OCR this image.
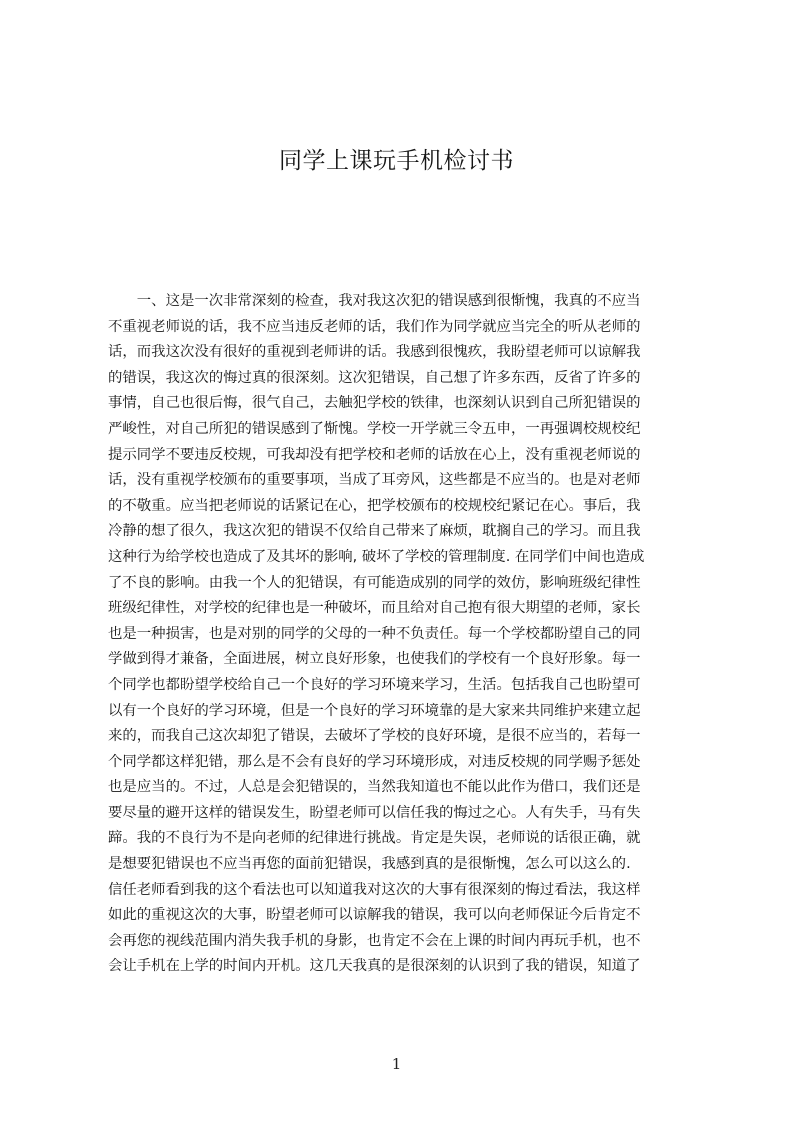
同学上课玩手机检讨书
　　一、这是一次非常深刻的检查，我对我这次犯的错误感到很惭愧，我真的不应当
不重视老师说的话，我不应当违反老师的话，我们作为同学就应当完全的听从老师的
话，而我这次没有很好的重视到老师讲的话。我感到很愧疚，我盼望老师可以谅解我
的错误，我这次的悔过真的很深刻。这次犯错误，自己想了许多东西，反省了许多的
事情，自己也很后悔，很气自己，去触犯学校的铁律，也深刻认识到自己所犯错误的
严峻性，对自己所犯的错误感到了惭愧。学校一开学就三令五申，一再强调校规校纪
提示同学不要违反校规，可我却没有把学校和老师的话放在心上，没有重视老师说的
话，没有重视学校颁布的重要事项，当成了耳旁风，这些都是不应当的。也是对老师
的不敬重。应当把老师说的话紧记在心，把学校颁布的校规校纪紧记在心。事后，我
冷静的想了很久，我这次犯的错误不仅给自己带来了麻烦，耽搁自己的学习。而且我
这种行为给学校也造成了及其坏的影响, 破坏了学校的管理制度. 在同学们中间也造成
了不良的影响。由我一个人的犯错误，有可能造成别的同学的效仿，影响班级纪律性
班级纪律性，对学校的纪律也是一种破坏，而且给对自己抱有很大期望的老师，家长
也是一种损害，也是对别的同学的父母的一种不负责任。每一个学校都盼望自己的同
学做到得才兼备，全面进展，树立良好形象，也使我们的学校有一个良好形象。每一
个同学也都盼望学校给自己一个良好的学习环境来学习，生活。包括我自己也盼望可
以有一个良好的学习环境，但是一个良好的学习环境靠的是大家来共同维护来建立起
来的，而我自己这次却犯了错误，去破坏了学校的良好环境，是很不应当的，若每一
个同学都这样犯错，那么是不会有良好的学习环境形成，对违反校规的同学赐予惩处
也是应当的。不过，人总是会犯错误的，当然我知道也不能以此作为借口，我们还是
要尽量的避开这样的错误发生，盼望老师可以信任我的悔过之心。人有失手，马有失
蹄。我的不良行为不是向老师的纪律进行挑战。肯定是失误，老师说的话很正确，就
是想要犯错误也不应当再您的面前犯错误，我感到真的是很惭愧，怎么可以这么的.
信任老师看到我的这个看法也可以知道我对这次的大事有很深刻的悔过看法，我这样
如此的重视这次的大事，盼望老师可以谅解我的错误，我可以向老师保证今后肯定不
会再您的视线范围内消失我手机的身影，也肯定不会在上课的时间内再玩手机，也不
会让手机在上学的时间内开机。这几天我真的是很深刻的认识到了我的错误，知道了
1
